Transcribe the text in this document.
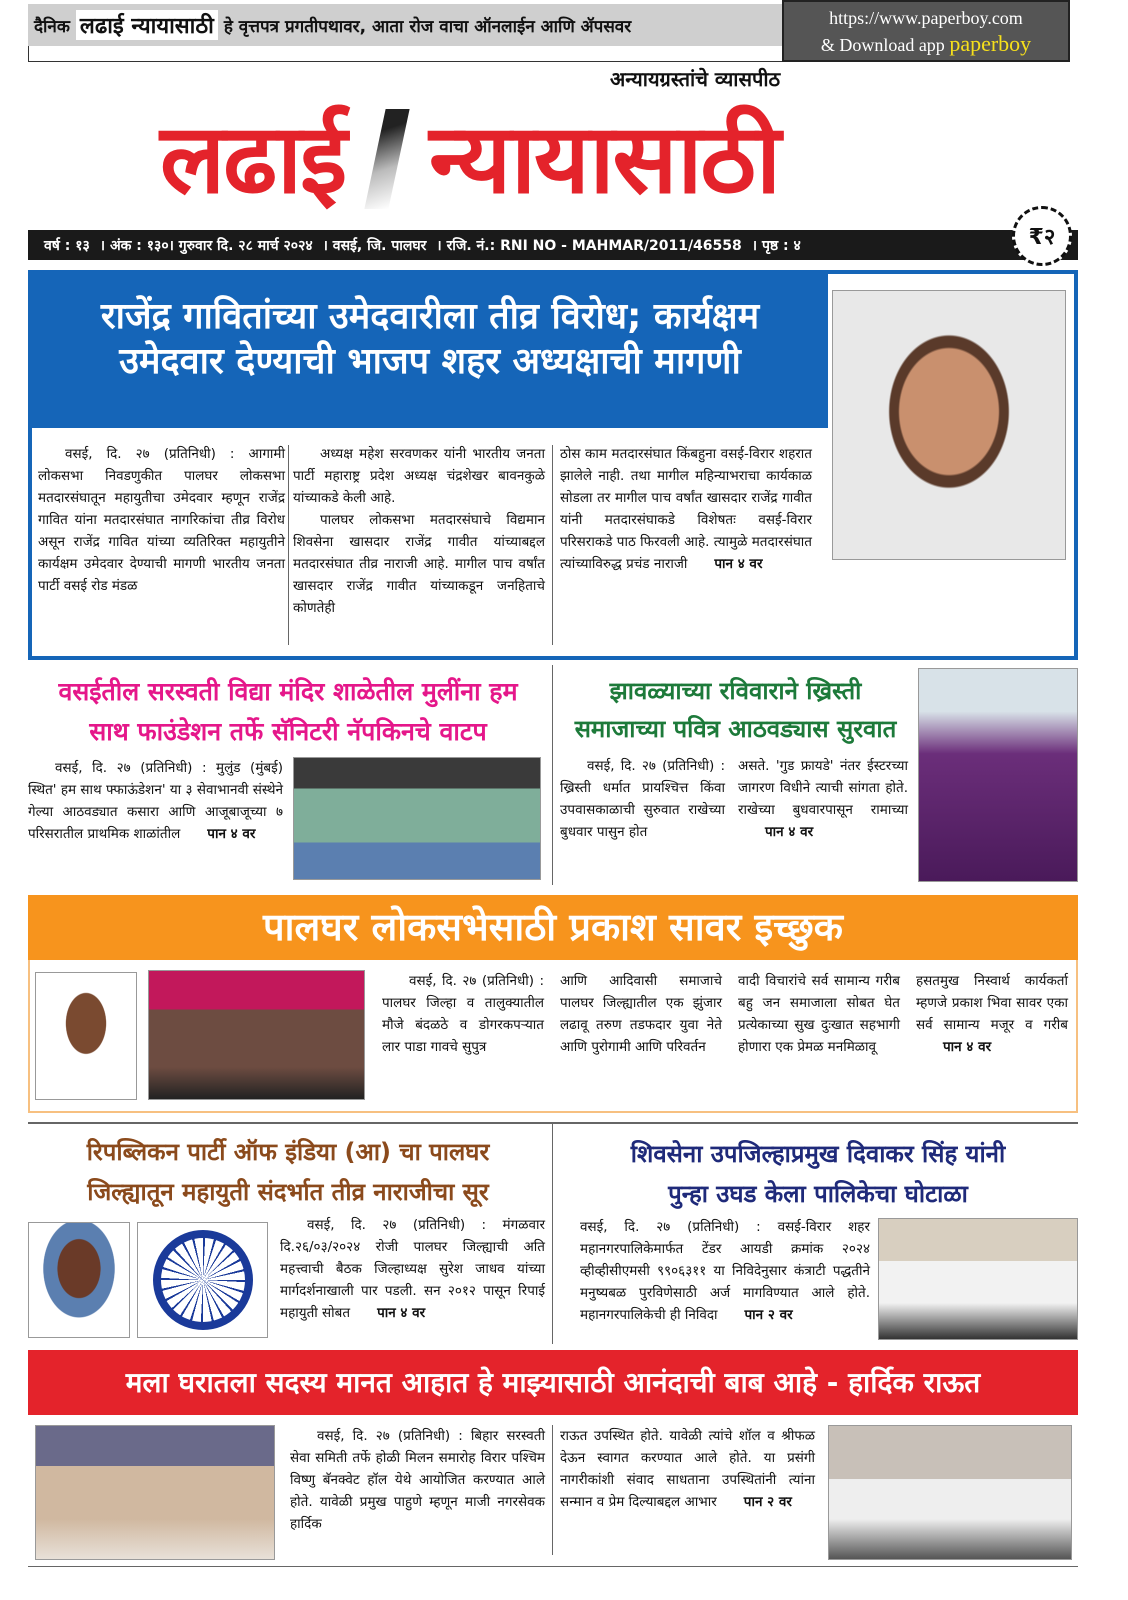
दैनिक लढाई न्यायासाठी हे वृत्तपत्र प्रगतीपथावर, आता रोज वाचा ऑनलाईन आणि ॲपसवर	https://www.paperboy.com
& Download app paperboy
अन्यायग्रस्तांचे व्यासपीठ
लढाई न्यायासाठी
वर्ष : १३ । अंक : १३०। गुरुवार दि. २८ मार्च २०२४ । वसई, जि. पालघर । रजि. नं.: RNI NO - MAHMAR/2011/46558 । पृष्ठ : ४	₹२
राजेंद्र गावितांच्या उमेदवारीला तीव्र विरोध; कार्यक्षम
उमेदवार देण्याची भाजप शहर अध्यक्षाची मागणी

वसई, दि. २७ (प्रतिनिधी) : आगामी लोकसभा निवडणुकीत पालघर लोकसभा मतदारसंघातून महायुतीचा उमेदवार म्हणून राजेंद्र गावित यांना मतदारसंघात नागरिकांचा तीव्र विरोध असून राजेंद्र गावित यांच्या व्यतिरिक्त महायुतीने कार्यक्षम उमेदवार देण्याची मागणी भारतीय जनता पार्टी वसई रोड मंडळ

अध्यक्ष महेश सरवणकर यांनी भारतीय जनता पार्टी महाराष्ट्र प्रदेश अध्यक्ष चंद्रशेखर बावनकुळे यांच्याकडे केली आहे.

पालघर लोकसभा मतदारसंघाचे विद्यमान शिवसेना खासदार राजेंद्र गावीत यांच्याबद्दल मतदारसंघात तीव्र नाराजी आहे. मागील पाच वर्षांत खासदार राजेंद्र गावीत यांच्याकडून जनहिताचे कोणतेही

ठोस काम मतदारसंघात किंबहुना वसई-विरार शहरात झालेले नाही. तथा मागील महिन्याभराचा कार्यकाळ सोडला तर मागील पाच वर्षांत खासदार राजेंद्र गावीत यांनी मतदारसंघाकडे विशेषतः वसई-विरार परिसराकडे पाठ फिरवली आहे. त्यामुळे मतदारसंघात त्यांच्याविरुद्ध प्रचंड नाराजी पान ४ वर

वसईतील सरस्वती विद्या मंदिर शाळेतील मुलींना हम
साथ फाउंडेशन तर्फे सॅनिटरी नॅपकिनचे वाटप

वसई, दि. २७ (प्रतिनिधी) : मुलुंड (मुंबई) स्थित' हम साथ फ्फाऊंडेशन' या ३ सेवाभानवी संस्थेने गेल्या आठवड्यात कसारा आणि आजूबाजूच्या ७ परिसरातील प्राथमिक शाळांतील पान ४ वर

झावळ्याच्या रविवाराने ख्रिस्ती
समाजाच्या पवित्र आठवड्यास सुरवात

वसई, दि. २७ (प्रतिनिधी) : ख्रिस्ती धर्मात प्रायश्चित्त किंवा उपवासकाळाची सुरुवात राखेच्या बुधवार पासुन होत

असते. 'गुड फ्रायडे' नंतर ईस्टरच्या जागरण विधीने त्याची सांगता होते. राखेच्या बुधवारपासून रामाच्यापान ४ वर

पालघर लोकसभेसाठी प्रकाश सावर इच्छुक

वसई, दि. २७ (प्रतिनिधी) : पालघर जिल्हा व तालुक्यातील मौजे बंदळठे व डोगरकपऱ्यात लार पाडा गावचे सुपुत्र

आणि आदिवासी समाजाचे पालघर जिल्ह्यातील एक झुंजार लढावू तरुण तडफदार युवा नेते आणि पुरोगामी आणि परिवर्तन

वादी विचारांचे सर्व सामान्य गरीब बहु जन समाजाला सोबत घेत प्रत्येकाच्या सुख दुःखात सहभागी होणारा एक प्रेमळ मनमिळावू

हसतमुख निस्वार्थ कार्यकर्ता म्हणजे प्रकाश भिवा सावर एका सर्व सामान्य मजूर व गरीबपान ४ वर

रिपब्लिकन पार्टी ऑफ इंडिया (आ) चा पालघर
जिल्ह्यातून महायुती संदर्भात तीव्र नाराजीचा सूर

वसई, दि. २७ (प्रतिनिधी) : मंगळवार दि.२६/०३/२०२४ रोजी पालघर जिल्ह्याची अति महत्त्वाची बैठक जिल्हाध्यक्ष सुरेश जाधव यांच्या मार्गदर्शनाखाली पार पडली. सन २०१२ पासून रिपाई महायुती सोबत पान ४ वर

शिवसेना उपजिल्हाप्रमुख दिवाकर सिंह यांनी
पुन्हा उघड केला पालिकेचा घोटाळा

वसई, दि. २७ (प्रतिनिधी) : वसई-विरार शहर महानगरपालिकेमार्फत टेंडर आयडी क्रमांक २०२४ व्हीव्हीसीएमसी ९९०६३११ या निविदेनुसार कंत्राटी पद्धतीने मनुष्यबळ पुरविणेसाठी अर्ज मागविण्यात आले होते. महानगरपालिकेची ही निविदा पान २ वर

मला घरातला सदस्य मानत आहात हे माझ्यासाठी आनंदाची बाब आहे - हार्दिक राऊत

वसई, दि. २७ (प्रतिनिधी) : बिहार सरस्वती सेवा समिती तर्फे होळी मिलन समारोह विरार पश्चिम विष्णु बॅनक्वेट हॉल येथे आयोजित करण्यात आले होते. यावेळी प्रमुख पाहुणे म्हणून माजी नगरसेवक हार्दिक

राऊत उपस्थित होते. यावेळी त्यांचे शॉल व श्रीफळ देऊन स्वागत करण्यात आले होते. या प्रसंगी नागरीकांशी संवाद साधताना उपस्थितांनी त्यांना सन्मान व प्रेम दिल्याबद्दल आभार पान २ वर
